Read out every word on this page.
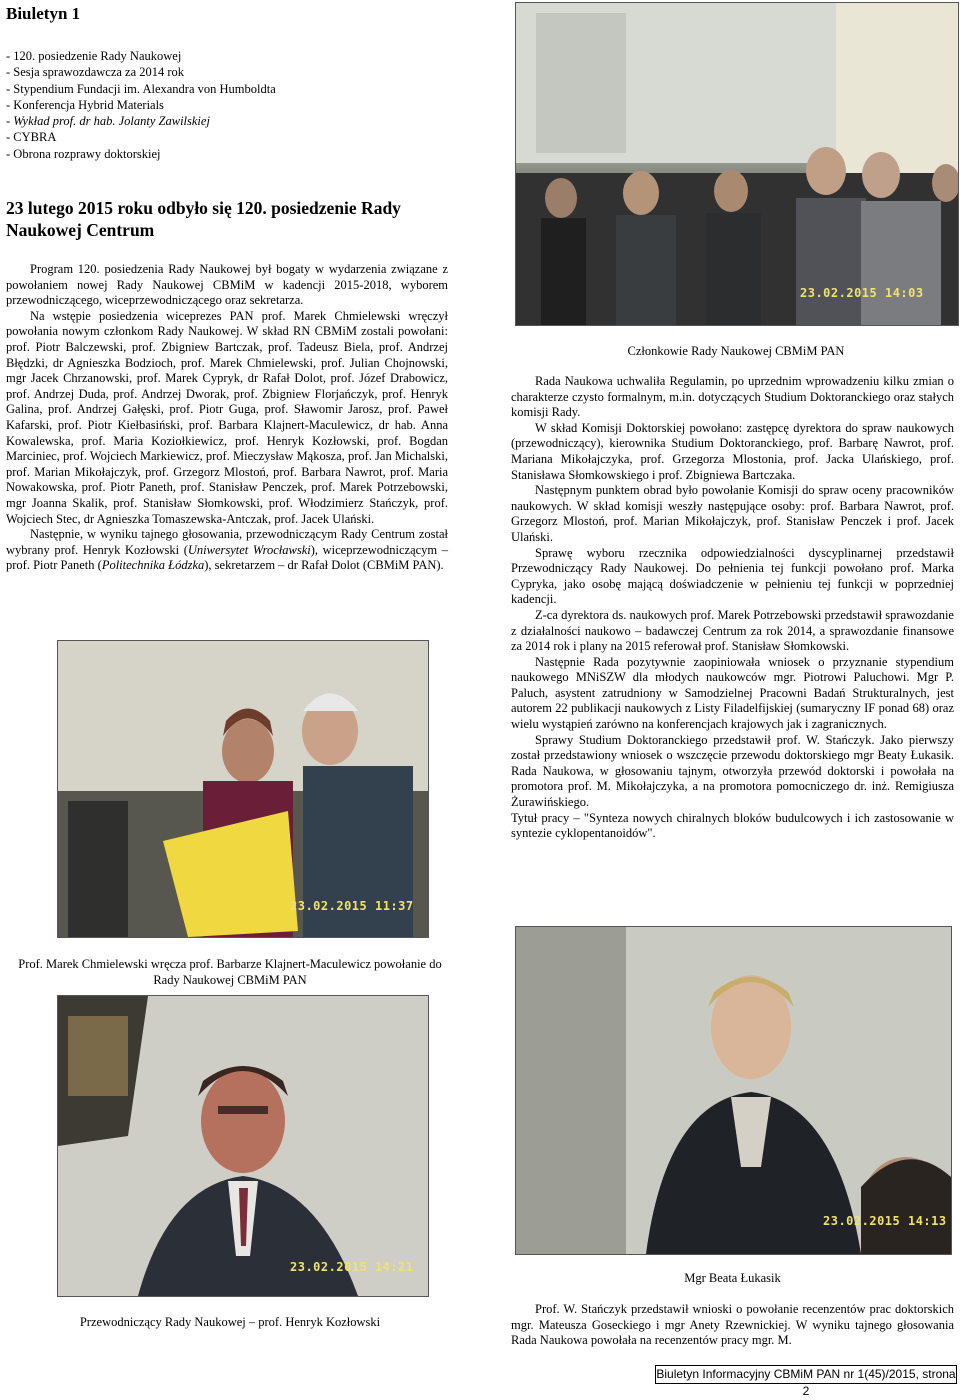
Biuletyn 1
- 120. posiedzenie Rady Naukowej
- Sesja sprawozdawcza za 2014 rok
- Stypendium Fundacji im. Alexandra von Humboldta
- Konferencja Hybrid Materials
- Wykład prof. dr hab. Jolanty Zawilskiej
- CYBRA
- Obrona rozprawy doktorskiej
23 lutego 2015 roku odbyło się 120. posiedzenie Rady Naukowej Centrum

Program 120. posiedzenia Rady Naukowej był bogaty w wydarzenia związane z powołaniem nowej Rady Naukowej CBMiM w kadencji 2015-2018, wyborem przewodniczącego, wiceprzewodniczącego oraz sekretarza.

Na wstępie posiedzenia wiceprezes PAN prof. Marek Chmielewski wręczył powołania nowym członkom Rady Naukowej. W skład RN CBMiM zostali powołani: prof. Piotr Balczewski, prof. Zbigniew Bartczak, prof. Tadeusz Biela, prof. Andrzej Błędzki, dr Agnieszka Bodzioch, prof. Marek Chmielewski, prof. Julian Chojnowski, mgr Jacek Chrzanowski, prof. Marek Cypryk, dr Rafał Dolot, prof. Józef Drabowicz, prof. Andrzej Duda, prof. Andrzej Dworak, prof. Zbigniew Florjańczyk, prof. Henryk Galina, prof. Andrzej Gałęski, prof. Piotr Guga, prof. Sławomir Jarosz, prof. Paweł Kafarski, prof. Piotr Kiełbasiński, prof. Barbara Klajnert-Maculewicz, dr hab. Anna Kowalewska, prof. Maria Koziołkiewicz, prof. Henryk Kozłowski, prof. Bogdan Marciniec, prof. Wojciech Markiewicz, prof. Mieczysław Mąkosza, prof. Jan Michalski, prof. Marian Mikołajczyk, prof. Grzegorz Mlostoń, prof. Barbara Nawrot, prof. Maria Nowakowska, prof. Piotr Paneth, prof. Stanisław Penczek, prof. Marek Potrzebowski, mgr Joanna Skalik, prof. Stanisław Słomkowski, prof. Włodzimierz Stańczyk, prof. Wojciech Stec, dr Agnieszka Tomaszewska-Antczak, prof. Jacek Ulański.

Następnie, w wyniku tajnego głosowania, przewodniczącym Rady Centrum został wybrany prof. Henryk Kozłowski (Uniwersytet Wrocławski), wiceprzewodniczącym – prof. Piotr Paneth (Politechnika Łódzka), sekretarzem – dr Rafał Dolot (CBMiM PAN).

23.02.2015 14:03
Członkowie Rady Naukowej CBMiM PAN

Rada Naukowa uchwaliła Regulamin, po uprzednim wprowadzeniu kilku zmian o charakterze czysto formalnym, m.in. dotyczących Studium Doktoranckiego oraz stałych komisji Rady.

W skład Komisji Doktorskiej powołano: zastępcę dyrektora do spraw naukowych (przewodniczący), kierownika Studium Doktoranckiego, prof. Barbarę Nawrot, prof. Mariana Mikołajczyka, prof. Grzegorza Mlostonia, prof. Jacka Ulańskiego, prof. Stanisława Słomkowskiego i prof. Zbigniewa Bartczaka.

Następnym punktem obrad było powołanie Komisji do spraw oceny pracowników naukowych. W skład komisji weszły następujące osoby: prof. Barbara Nawrot, prof. Grzegorz Mlostoń, prof. Marian Mikołajczyk, prof. Stanisław Penczek i prof. Jacek Ulański.

Sprawę wyboru rzecznika odpowiedzialności dyscyplinarnej przedstawił Przewodniczący Rady Naukowej. Do pełnienia tej funkcji powołano prof. Marka Cypryka, jako osobę mającą doświadczenie w pełnieniu tej funkcji w poprzedniej kadencji.

Z-ca dyrektora ds. naukowych prof. Marek Potrzebowski przedstawił sprawozdanie z działalności naukowo – badawczej Centrum za rok 2014, a sprawozdanie finansowe za 2014 rok i plany na 2015 referował prof. Stanisław Słomkowski.

Następnie Rada pozytywnie zaopiniowała wniosek o przyznanie stypendium naukowego MNiSZW dla młodych naukowców mgr. Piotrowi Paluchowi. Mgr P. Paluch, asystent zatrudniony w Samodzielnej Pracowni Badań Strukturalnych, jest autorem 22 publikacji naukowych z Listy Filadelfijskiej (sumaryczny IF ponad 68) oraz wielu wystąpień zarówno na konferencjach krajowych jak i zagranicznych.

Sprawy Studium Doktoranckiego przedstawił prof. W. Stańczyk. Jako pierwszy został przedstawiony wniosek o wszczęcie przewodu doktorskiego mgr Beaty Łukasik. Rada Naukowa, w głosowaniu tajnym, otworzyła przewód doktorski i powołała na promotora prof. M. Mikołajczyka, a na promotora pomocniczego dr. inż. Remigiusza Żurawińskiego.

Tytuł pracy – "Synteza nowych chiralnych bloków budulcowych i ich zastosowanie w syntezie cyklopentanoidów".

23.02.2015 11:37
Prof. Marek Chmielewski wręcza prof. Barbarze Klajnert-Maculewicz powołanie do Rady Naukowej CBMiM PAN
23.02.2015 14:21
Przewodniczący Rady Naukowej – prof. Henryk Kozłowski
23.02.2015 14:13
Mgr Beata Łukasik

Prof. W. Stańczyk przedstawił wnioski o powołanie recenzentów prac doktorskich mgr. Mateusza Goseckiego i mgr Anety Rzewnickiej. W wyniku tajnego głosowania Rada Naukowa powołała na recenzentów pracy mgr. M.

Biuletyn Informacyjny CBMiM PAN nr 1(45)/2015, strona 2
